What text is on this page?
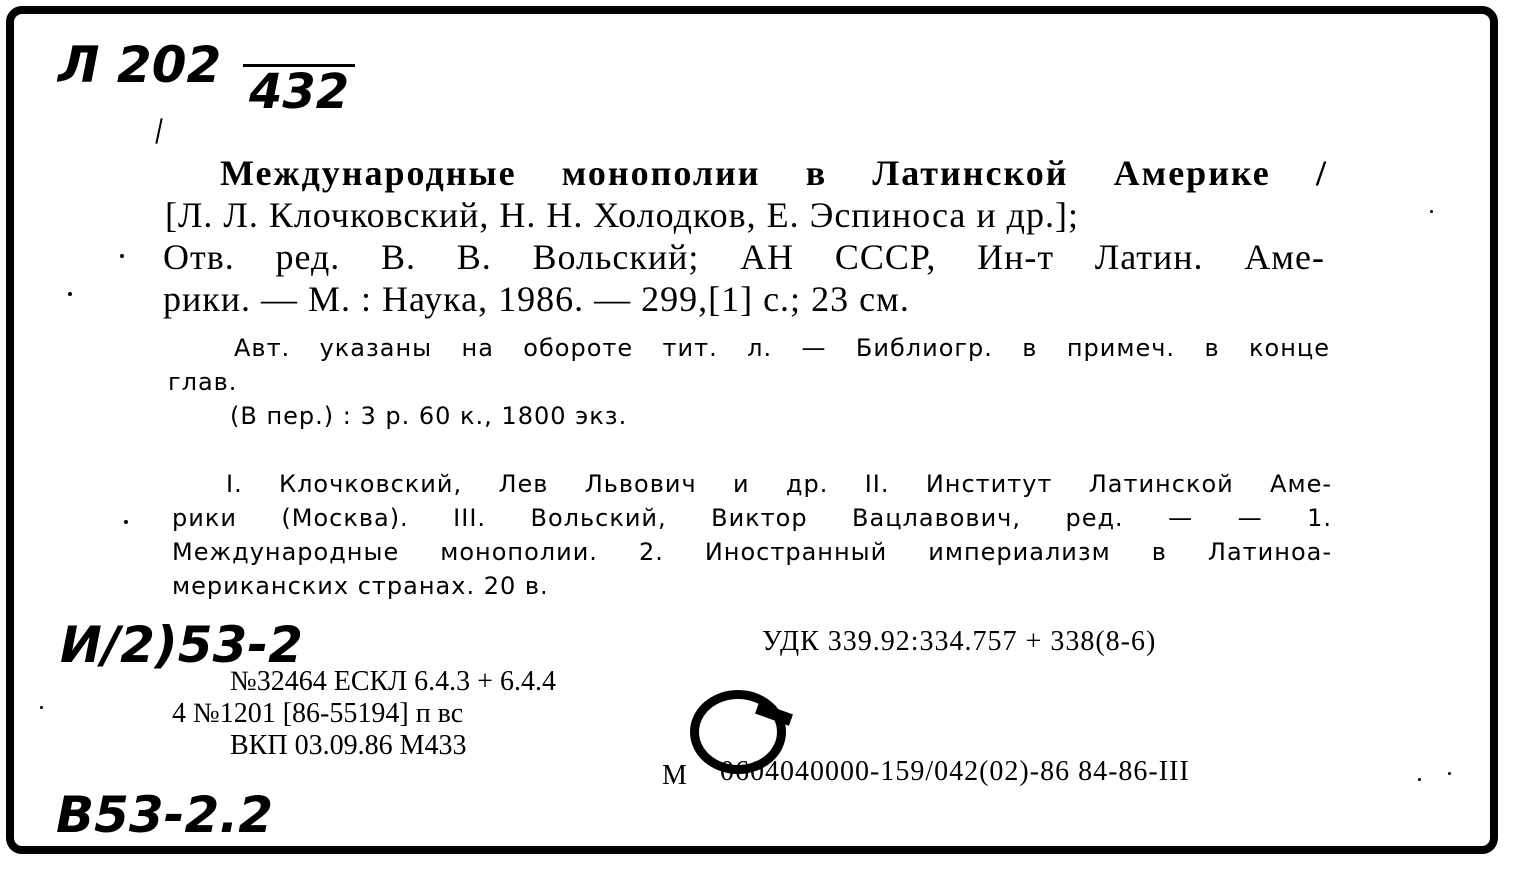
Л 202 432
Международные монополии в Латинской Америке /
[Л. Л. Клочковский, Н. Н. Холодков, Е. Эспиноса и др.];
Отв. ред. В. В. Вольский; АН СССР, Ин-т Латин. Аме-
рики. — М. : Наука, 1986. — 299,[1] с.; 23 см.
Авт. указаны на обороте тит. л. — Библиогр. в примеч. в конце
глав.
(В пер.) : 3 р. 60 к., 1800 экз.
I. Клочковский, Лев Львович и др. II. Институт Латинской Аме-
рики (Москва). III. Вольский, Виктор Вацлавович, ред. — — 1.
Международные монополии. 2. Иностранный империализм в Латиноа-
мериканских странах. 20 в.
И/2)53-2	УДК 339.92:334.757 + 338(8-6)
№32464 ЕСКЛ 6.4.3 + 6.4.4
4 №1201 [86-55194] п вс
ВКП 03.09.86 М433
М 0604040000-159/042(02)-86 84-86-III
В53-2.2
